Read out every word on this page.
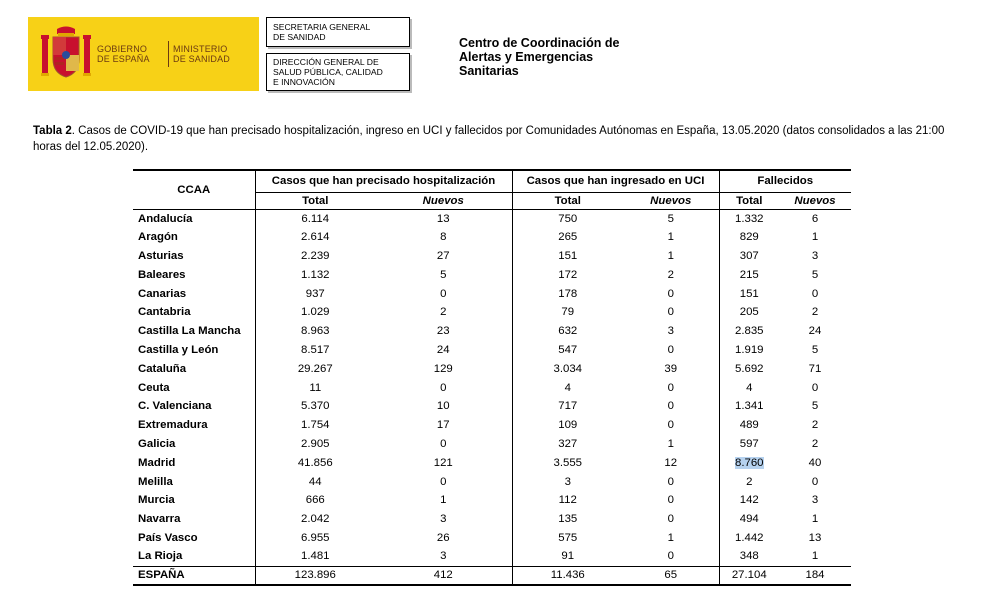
GOBIERNO
DE ESPAÑA
MINISTERIO
DE SANIDAD
SECRETARIA GENERAL
DE SANIDAD
DIRECCIÓN GENERAL DE
SALUD PÚBLICA, CALIDAD
E INNOVACIÓN
Centro de Coordinación de
Alertas y Emergencias
Sanitarias
Tabla 2. Casos de COVID-19 que han precisado hospitalización, ingreso en UCI y fallecidos por Comunidades Autónomas en España, 13.05.2020 (datos consolidados a las 21:00 horas del 12.05.2020).
CCAA	Casos que han precisado hospitalización		Casos que han ingresado en UCI		Fallecidos	
	Total	Nuevos	Total	Nuevos	Total	Nuevos
Andalucía	6.114	13	750	5	1.332	6
Aragón	2.614	8	265	1	829	1
Asturias	2.239	27	151	1	307	3
Baleares	1.132	5	172	2	215	5
Canarias	937	0	178	0	151	0
Cantabria	1.029	2	79	0	205	2
Castilla La Mancha	8.963	23	632	3	2.835	24
Castilla y León	8.517	24	547	0	1.919	5
Cataluña	29.267	129	3.034	39	5.692	71
Ceuta	11	0	4	0	4	0
C. Valenciana	5.370	10	717	0	1.341	5
Extremadura	1.754	17	109	0	489	2
Galicia	2.905	0	327	1	597	2
Madrid	41.856	121	3.555	12	8.760	40
Melilla	44	0	3	0	2	0
Murcia	666	1	112	0	142	3
Navarra	2.042	3	135	0	494	1
País Vasco	6.955	26	575	1	1.442	13
La Rioja	1.481	3	91	0	348	1
ESPAÑA	123.896	412	11.436	65	27.104	184
